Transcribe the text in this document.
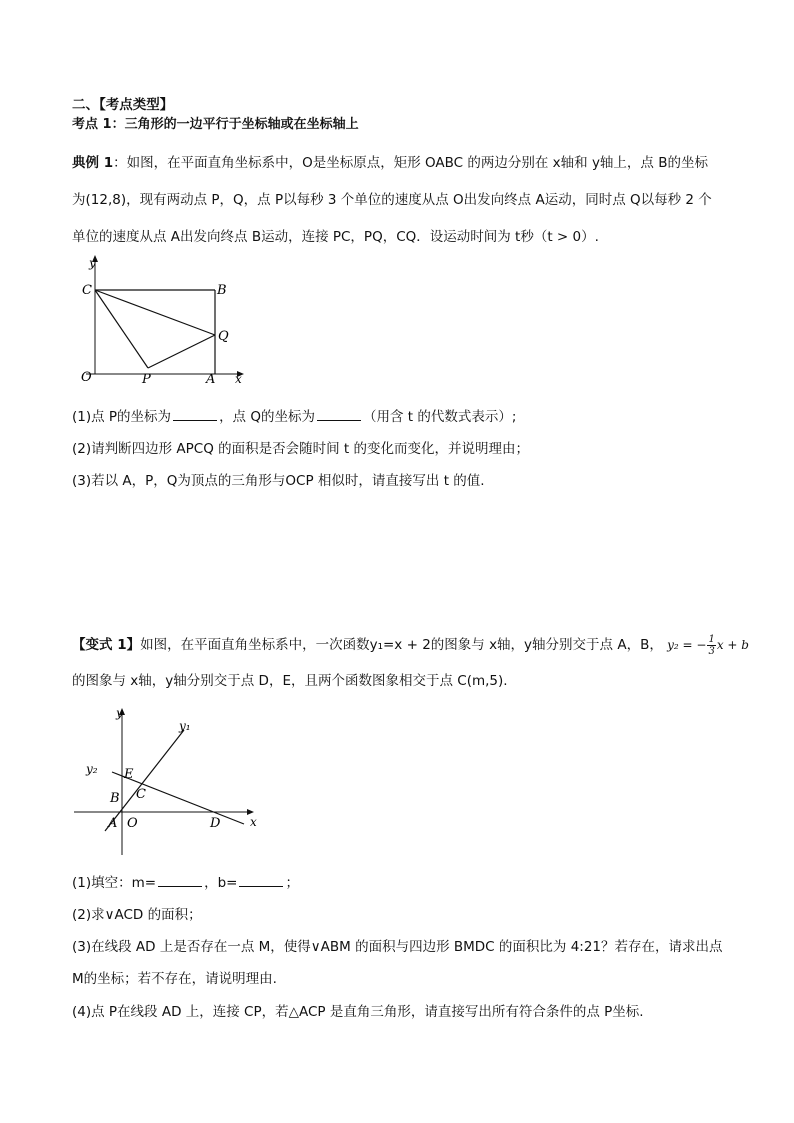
二、【考点类型】
考点 1：三角形的一边平行于坐标轴或在坐标轴上
典例 1：如图，在平面直角坐标系中，O是坐标原点，矩形 OABC 的两边分别在 x轴和 y轴上，点 B的坐标
为(12,8)，现有两动点 P，Q，点 P以每秒 3 个单位的速度从点 O出发向终点 A运动，同时点 Q以每秒 2 个
单位的速度从点 A出发向终点 B运动，连接 PC，PQ，CQ．设运动时间为 t秒（t > 0）.
y
C	B
Q
O	P	A x
(1)点 P的坐标为	，点 Q的坐标为	（用含 t 的代数式表示）;
(2)请判断四边形 APCQ 的面积是否会随时间 t 的变化而变化，并说明理由；
(3)若以 A，P，Q为顶点的三角形与OCP 相似时，请直接写出 t 的值.
【变式 1】如图，在平面直角坐标系中，一次函数y₁=x + 2的图象与 x轴，y轴分别交于点 A，B， y₂ = − $\frac{1}{3}$ x + b
的图象与 x轴，y轴分别交于点 D，E，且两个函数图象相交于点 C(m,5).
y
y₁
y₂ E
B C
A O	D x
(1)填空：m=	，b=	；
(2)求∨ACD 的面积；
(3)在线段 AD 上是否存在一点 M，使得∨ABM 的面积与四边形 BMDC 的面积比为 4:21？若存在，请求出点
M的坐标；若不存在，请说明理由.
(4)点 P在线段 AD 上，连接 CP，若△ACP 是直角三角形，请直接写出所有符合条件的点 P坐标.
